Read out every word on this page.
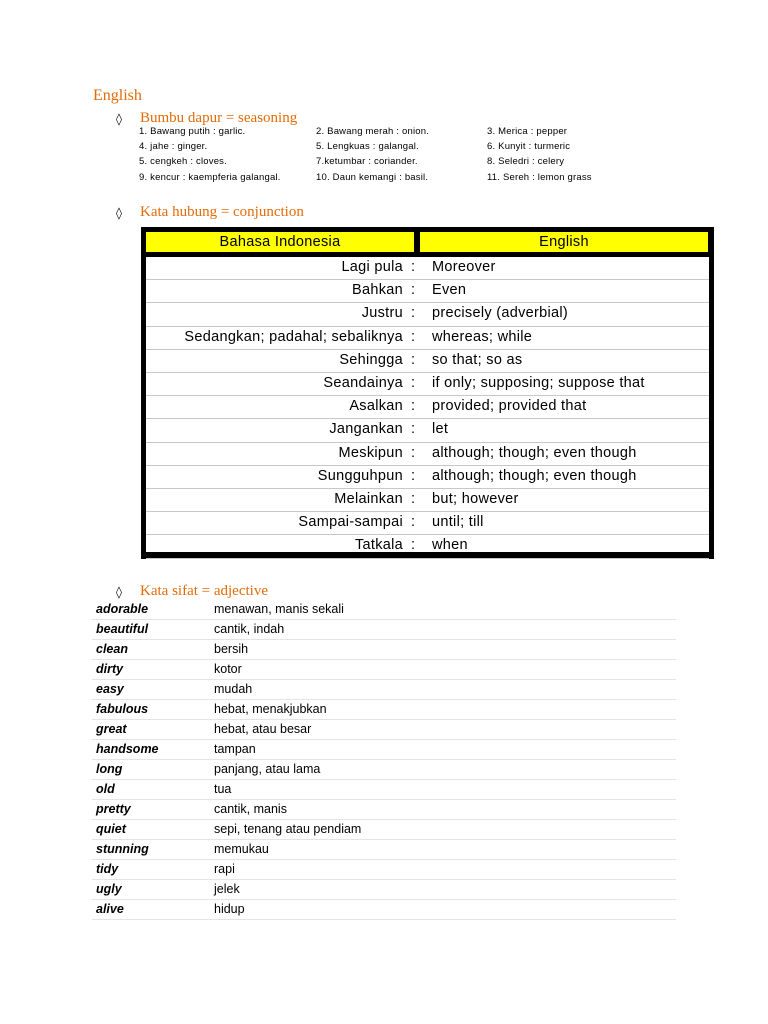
English
◊	Bumbu dapur = seasoning
1. Bawang putih : garlic.	2. Bawang merah : onion.	3. Merica : pepper
4. jahe : ginger.	5. Lengkuas : galangal.	6. Kunyit : turmeric
5. cengkeh : cloves.	7.ketumbar : coriander.	8. Seledri : celery
9. kencur : kaempferia galangal.	10. Daun kemangi : basil.	11. Sereh : lemon grass
◊	Kata hubung = conjunction
Bahasa Indonesia	English
Lagi pula : Moreover
Bahkan : Even
Justru : precisely (adverbial)
Sedangkan; padahal; sebaliknya : whereas; while
Sehingga : so that; so as
Seandainya : if only; supposing; suppose that
Asalkan : provided; provided that
Jangankan : let
Meskipun : although; though; even though
Sungguhpun : although; though; even though
Melainkan : but; however
Sampai-sampai : until; till
Tatkala : when
◊	Kata sifat = adjective
adorable	menawan, manis sekali
beautiful	cantik, indah
clean	bersih
dirty	kotor
easy	mudah
fabulous	hebat, menakjubkan
great	hebat, atau besar
handsome	tampan
long	panjang, atau lama
old	tua
pretty	cantik, manis
quiet	sepi, tenang atau pendiam
stunning	memukau
tidy	rapi
ugly	jelek
alive	hidup
